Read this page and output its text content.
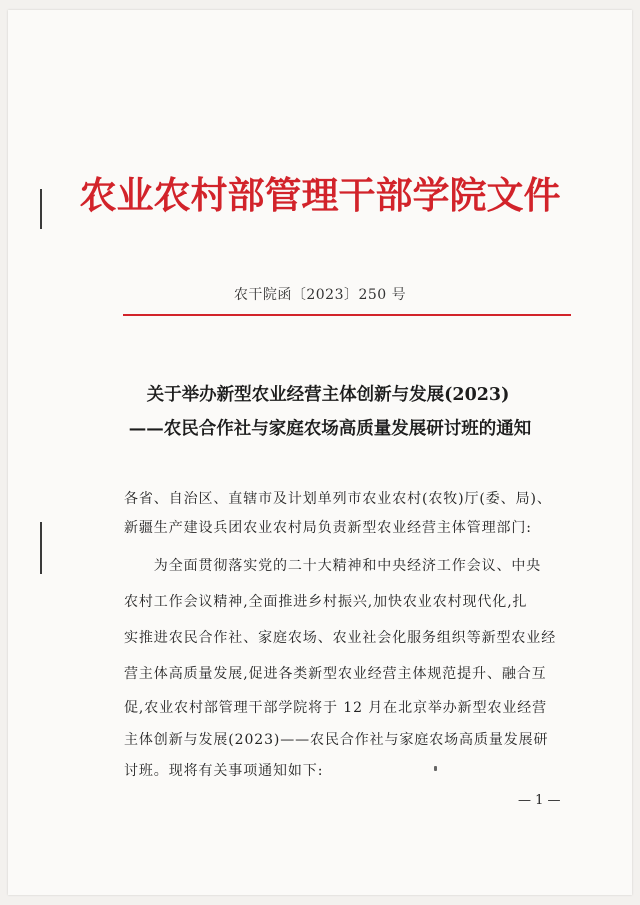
农业农村部管理干部学院文件
农干院函〔2023〕250 号
关于举办新型农业经营主体创新与发展(2023)
——农民合作社与家庭农场高质量发展研讨班的通知
各省、自治区、直辖市及计划单列市农业农村(农牧)厅(委、局)、
新疆生产建设兵团农业农村局负责新型农业经营主体管理部门:
　　为全面贯彻落实党的二十大精神和中央经济工作会议、中央
农村工作会议精神,全面推进乡村振兴,加快农业农村现代化,扎
实推进农民合作社、家庭农场、农业社会化服务组织等新型农业经
营主体高质量发展,促进各类新型农业经营主体规范提升、融合互
促,农业农村部管理干部学院将于 12 月在北京举办新型农业经营
主体创新与发展(2023)——农民合作社与家庭农场高质量发展研
讨班。现将有关事项通知如下:
— 1 —
